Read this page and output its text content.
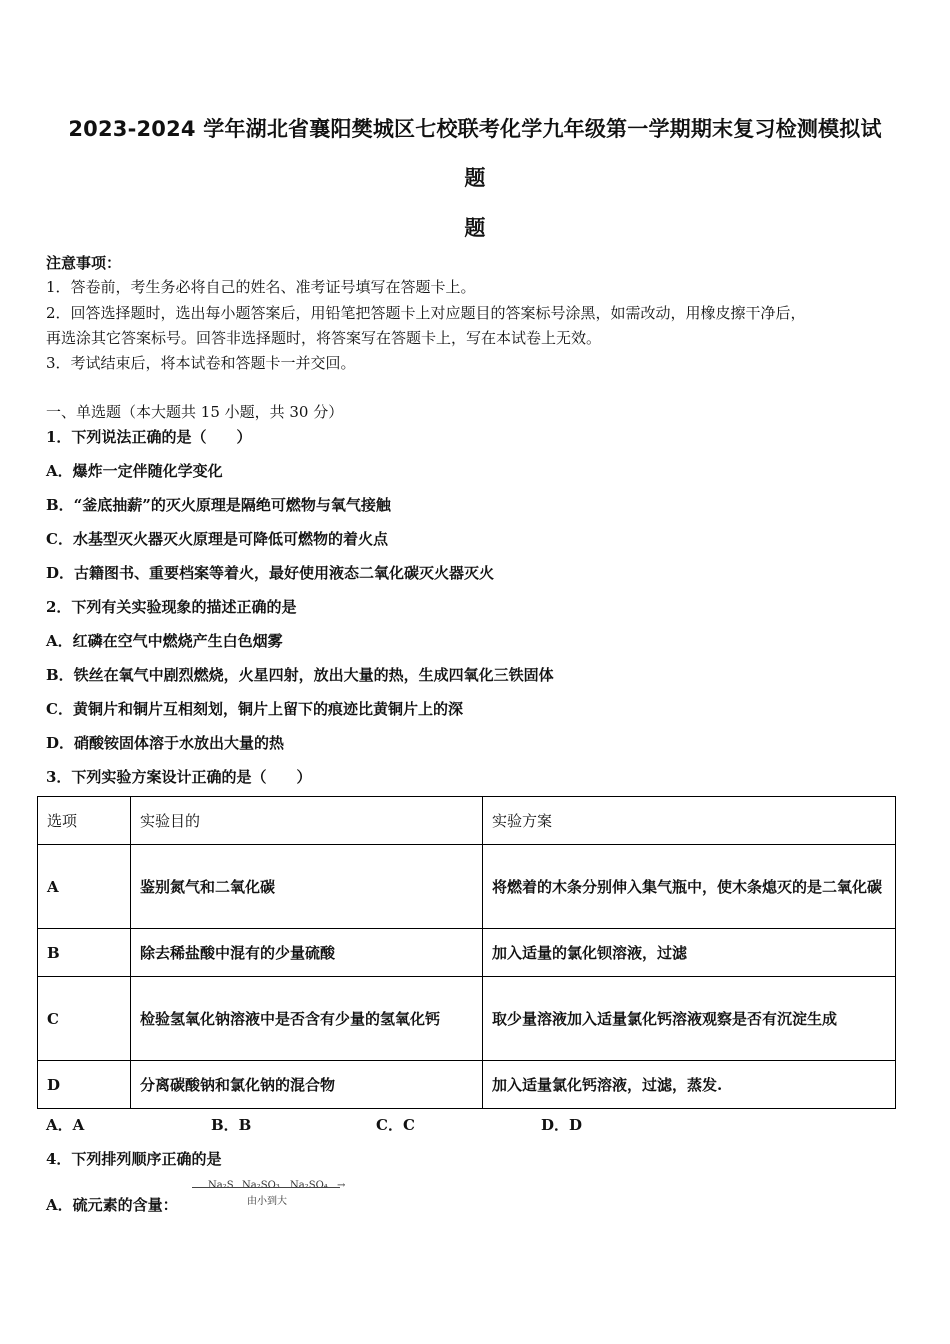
2023-2024 学年湖北省襄阳樊城区七校联考化学九年级第一学期期末复习检测模拟试
题
题
注意事项：
1．答卷前，考生务必将自己的姓名、准考证号填写在答题卡上。
2．回答选择题时，选出每小题答案后，用铅笔把答题卡上对应题目的答案标号涂黑，如需改动，用橡皮擦干净后，
再选涂其它答案标号。回答非选择题时，将答案写在答题卡上，写在本试卷上无效。
3．考试结束后，将本试卷和答题卡一并交回。
一、单选题（本大题共 15 小题，共 30 分）
1．下列说法正确的是（　　）
A．爆炸一定伴随化学变化
B．“釜底抽薪”的灭火原理是隔绝可燃物与氧气接触
C．水基型灭火器灭火原理是可降低可燃物的着火点
D．古籍图书、重要档案等着火，最好使用液态二氧化碳灭火器灭火
2．下列有关实验现象的描述正确的是
A．红磷在空气中燃烧产生白色烟雾
B．铁丝在氧气中剧烈燃烧，火星四射，放出大量的热，生成四氧化三铁固体
C．黄铜片和铜片互相刻划，铜片上留下的痕迹比黄铜片上的深
D．硝酸铵固体溶于水放出大量的热
3．下列实验方案设计正确的是（　　）
选项	实验目的	实验方案
A	鉴别氮气和二氧化碳	将燃着的木条分别伸入集气瓶中，使木条熄灭的是二氧化碳
B	除去稀盐酸中混有的少量硫酸	加入适量的氯化钡溶液，过滤
C	检验氢氧化钠溶液中是否含有少量的氢氧化钙	取少量溶液加入适量氯化钙溶液观察是否有沉淀生成
D	分离碳酸钠和氯化钠的混合物	加入适量氯化钙溶液，过滤，蒸发.
A．A	B．B	C．C	D．D
4．下列排列顺序正确的是
A．硫元素的含量：
Na₂S Na₂SO₃ Na₂SO₄ →
由小到大
